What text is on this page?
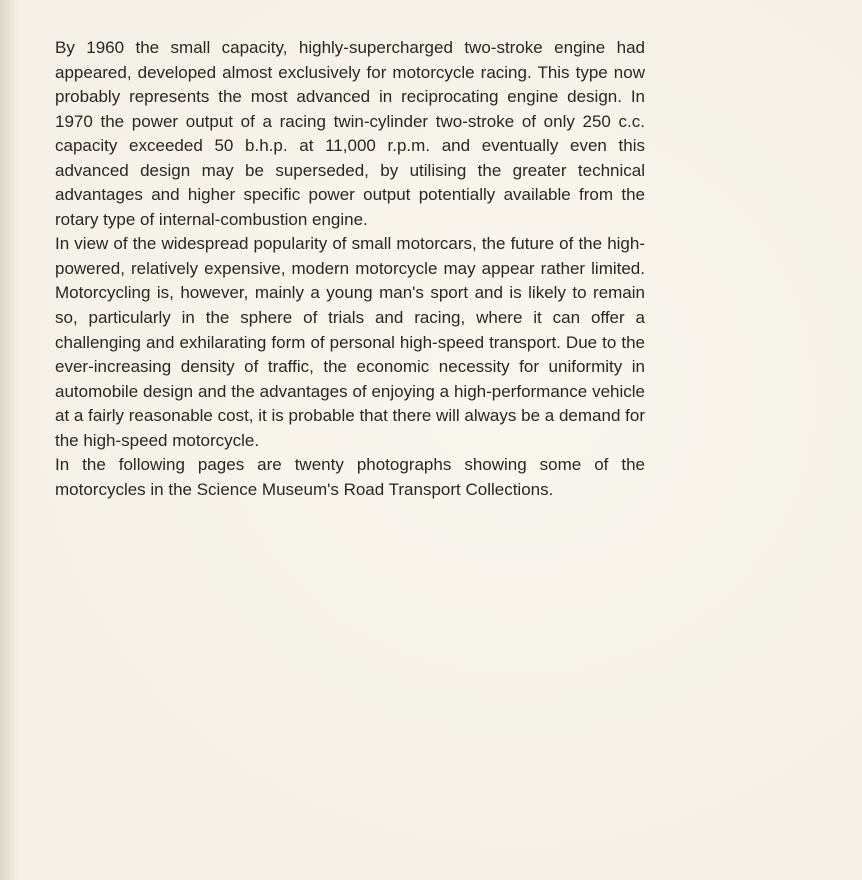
By 1960 the small capacity, highly-supercharged two-stroke engine had appeared, developed almost exclusively for motorcycle racing. This type now probably represents the most advanced in reciprocating engine design. In 1970 the power output of a racing twin-cylinder two-stroke of only 250 c.c. capacity exceeded 50 b.h.p. at 11,000 r.p.m. and eventually even this advanced design may be superseded, by utilising the greater technical advantages and higher specific power output potentially available from the rotary type of internal-combustion engine.

In view of the widespread popularity of small motorcars, the future of the high-powered, relatively expensive, modern motorcycle may appear rather limited. Motorcycling is, however, mainly a young man's sport and is likely to remain so, particularly in the sphere of trials and racing, where it can offer a challenging and exhilarating form of personal high-speed transport. Due to the ever-increasing density of traffic, the economic necessity for uniformity in automobile design and the advantages of enjoying a high-performance vehicle at a fairly reasonable cost, it is probable that there will always be a demand for the high-speed motorcycle.

In the following pages are twenty photographs showing some of the motorcycles in the Science Museum's Road Transport Collections.
